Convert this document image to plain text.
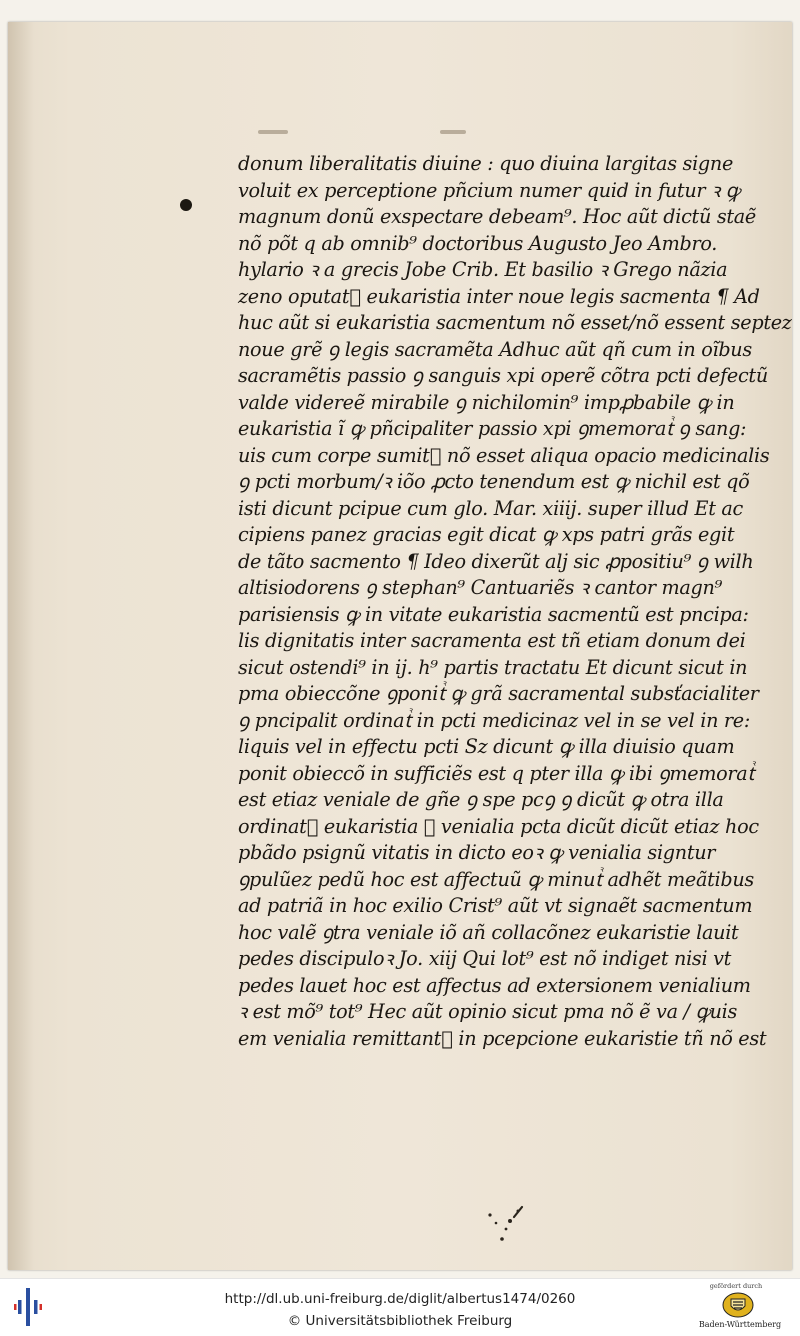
donum liberalitatis diuine : quo diuina largitas signe
voluit ex perceptione pñcium numer quid in futur ꝛ ꝙ
magnum donũ exspectare debeam⁹. Hoc aũt dictũ staẽ
nõ põt q ab omnib⁹ doctoribus Augusto Jeo Ambro.
hylario ꝛ a grecis Jobe Crib. Et basilio ꝛ Grego nãzia
zeno oputatᷣ eukaristia inter noue legis sacmenta ¶ Ad
huc aũt si eukaristia sacmentum nõ esset/nõ essent septez
noue grẽ ꝯ legis sacramẽta Adhuc aũt qñ cum in oĩbus
sacramẽtis passio ꝯ sanguis xpi operẽ cõtra pcti defectũ
valde videreẽ mirabile ꝯ nichilomin⁹ impꝓbabile ꝙ in
eukaristia ĩ ꝙ pñcipaliter passio xpi ꝯmemoratᷣ ꝯ sang:
uis cum corpe sumitᷣ nõ esset aliqua opacio medicinalis
ꝯ pcti morbum/ꝛ iõo ꝓcto tenendum est ꝙ nichil est qõ
isti dicunt pcipue cum glo. Mar. xiiij. super illud Et ac
cipiens panez gracias egit dicat ꝙ xps patri grãs egit
de tãto sacmento ¶ Ideo dixerũt alj sic ꝓpositiu⁹ ꝯ wilh
altisiodorens ꝯ stephan⁹ Cantuariẽs ꝛ cantor magn⁹
parisiensis ꝙ in vitate eukaristia sacmentũ est pncipa:
lis dignitatis inter sacramenta est tñ etiam donum dei
sicut ostendi⁹ in ij. h⁹ partis tractatu Et dicunt sicut in
pma obieccõne ꝯponitᷣ ꝙ grã sacramental subsťacialiter
ꝯ pncipalit ordinatᷣ in pcti medicinaz vel in se vel in re:
liquis vel in effectu pcti Sz dicunt ꝙ illa diuisio quam
ponit obieccõ in sufficiẽs est q pter illa ꝙ ibi ꝯmemoratᷣ
est etiaz veniale de gñe ꝯ spe pcꝯ ꝯ dicũt ꝙ otra illa
ordinatᷣ eukaristia ꝙ venialia pcta dicũt dicũt etiaz hoc
pbãdo psignũ vitatis in dicto eoꝛ ꝙ venialia signtur
ꝯpulũez pedũ hoc est affectuũ ꝙ minutᷣ adhẽt meãtibus
ad patriã in hoc exilio Crist⁹ aũt vt signaẽt sacmentum
hoc valẽ ꝯtra veniale iõ añ collacõnez eukaristie lauit
pedes discipuloꝛ Jo. xiij Qui lot⁹ est nõ indiget nisi vt
pedes lauet hoc est affectus ad extersionem venialium
ꝛ est mõ⁹ tot⁹ Hec aũt opinio sicut pma nõ ẽ va / ꝙuis
em venialia remittantᷣ in pcepcione eukaristie tñ nõ est
http://dl.ub.uni-freiburg.de/diglit/albertus1474/0260
© Universitätsbibliothek Freiburg
gefördert durch
Baden-Württemberg
